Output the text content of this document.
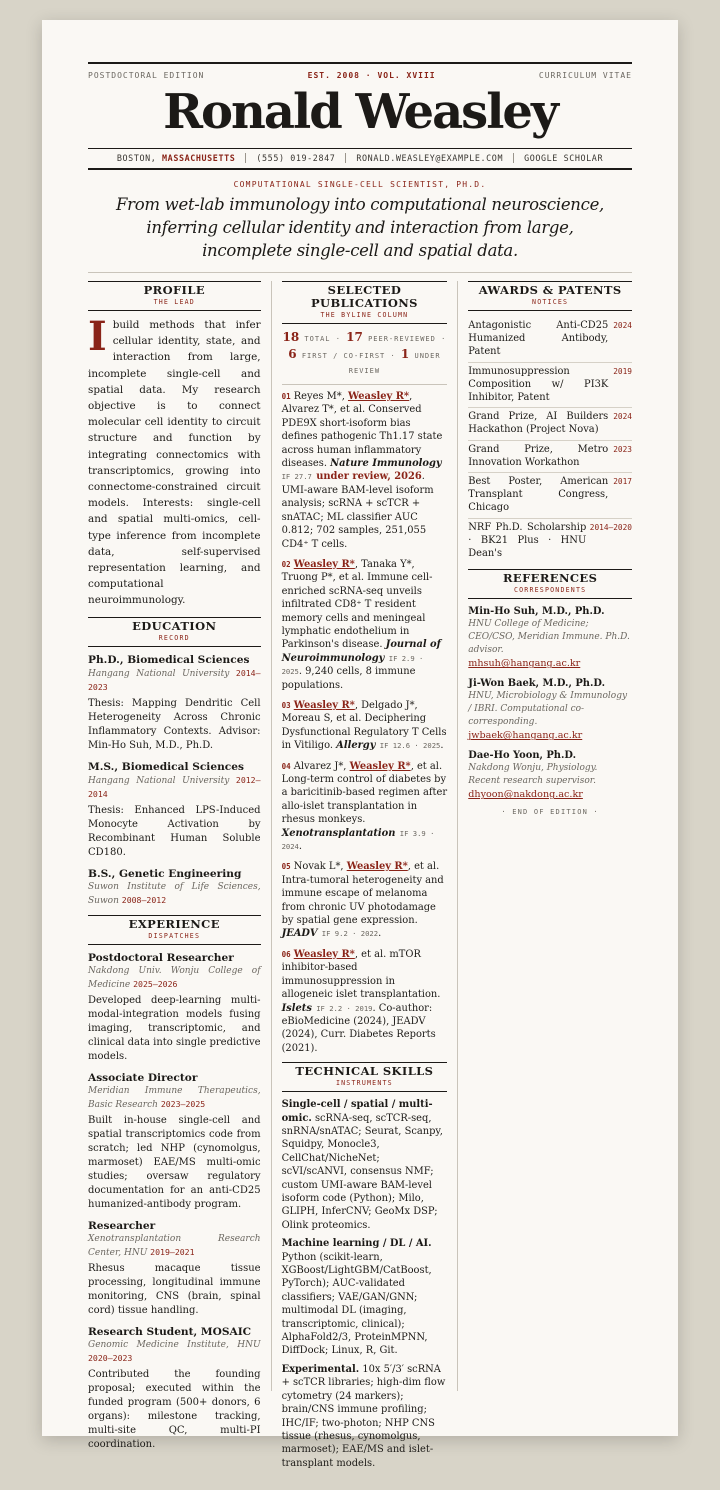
POSTDOCTORAL EDITION	EST. 2008 · VOL. XVIII	CURRICULUM VITAE
Ronald Weasley
BOSTON, MASSACHUSETTS	(555) 019-2847	RONALD.WEASLEY@EXAMPLE.COM	GOOGLE SCHOLAR
COMPUTATIONAL SINGLE-CELL SCIENTIST, PH.D.
From wet-lab immunology into computational neuroscience, inferring cellular identity and interaction from large, incomplete single-cell and spatial data.
PROFILE
THE LEAD
I build methods that infer cellular identity, state, and interaction from large, incomplete single-cell and spatial data. My research objective is to connect molecular cell identity to circuit structure and function by integrating connectomics with transcriptomics, growing into connectome-constrained circuit models. Interests: single-cell and spatial multi-omics, cell-type inference from incomplete data, self-supervised representation learning, and computational neuroimmunology.
EDUCATION
RECORD
Ph.D., Biomedical Sciences
Hangang National University 2014–2023

Thesis: Mapping Dendritic Cell Heterogeneity Across Chronic Inflammatory Contexts. Advisor: Min-Ho Suh, M.D., Ph.D.

M.S., Biomedical Sciences
Hangang National University 2012–2014

Thesis: Enhanced LPS-Induced Monocyte Activation by Recombinant Human Soluble CD180.

B.S., Genetic Engineering
Suwon Institute of Life Sciences, Suwon 2008–2012
EXPERIENCE
DISPATCHES
Postdoctoral Researcher
Nakdong Univ. Wonju College of Medicine 2025–2026

Developed deep-learning multi-modal-integration models fusing imaging, transcriptomic, and clinical data into single predictive models.

Associate Director
Meridian Immune Therapeutics, Basic Research 2023–2025

Built in-house single-cell and spatial transcriptomics code from scratch; led NHP (cynomolgus, marmoset) EAE/MS multi-omic studies; oversaw regulatory documentation for an anti-CD25 humanized-antibody program.

Researcher
Xenotransplantation Research Center, HNU 2019–2021

Rhesus macaque tissue processing, longitudinal immune monitoring, CNS (brain, spinal cord) tissue handling.

Research Student, MOSAIC
Genomic Medicine Institute, HNU 2020–2023

Contributed the founding proposal; executed within the funded program (500+ donors, 6 organs): milestone tracking, multi-site QC, multi-PI coordination.

SELECTED PUBLICATIONS
THE BYLINE COLUMN
18 TOTAL · 17 PEER-REVIEWED ·
6 FIRST / CO-FIRST · 1 UNDER REVIEW
01 Reyes M*, Weasley R*, Alvarez T*, et al. Conserved PDE9X short-isoform bias defines pathogenic Th1.17 state across human inflammatory diseases. Nature Immunology IF 27.7 under review, 2026. UMI-aware BAM-level isoform analysis; scRNA + scTCR + snATAC; ML classifier AUC 0.812; 702 samples, 251,055 CD4⁺ T cells.
02 Weasley R*, Tanaka Y*, Truong P*, et al. Immune cell-enriched scRNA-seq unveils infiltrated CD8⁺ T resident memory cells and meningeal lymphatic endothelium in Parkinson's disease. Journal of Neuroimmunology IF 2.9 · 2025. 9,240 cells, 8 immune populations.
03 Weasley R*, Delgado J*, Moreau S, et al. Deciphering Dysfunctional Regulatory T Cells in Vitiligo. Allergy IF 12.6 · 2025.
04 Alvarez J*, Weasley R*, et al. Long-term control of diabetes by a baricitinib-based regimen after allo-islet transplantation in rhesus monkeys. Xenotransplantation IF 3.9 · 2024.
05 Novak L*, Weasley R*, et al. Intra-tumoral heterogeneity and immune escape of melanoma from chronic UV photodamage by spatial gene expression. JEADV IF 9.2 · 2022.
06 Weasley R*, et al. mTOR inhibitor-based immunosuppression in allogeneic islet transplantation. Islets IF 2.2 · 2019. Co-author: eBioMedicine (2024), JEADV (2024), Curr. Diabetes Reports (2021).
TECHNICAL SKILLS
INSTRUMENTS
Single-cell / spatial / multi-omic. scRNA-seq, scTCR-seq, snRNA/snATAC; Seurat, Scanpy, Squidpy, Monocle3, CellChat/NicheNet; scVI/scANVI, consensus NMF; custom UMI-aware BAM-level isoform code (Python); Milo, GLIPH, InferCNV; GeoMx DSP; Olink proteomics.
Machine learning / DL / AI. Python (scikit-learn, XGBoost/LightGBM/CatBoost, PyTorch); AUC-validated classifiers; VAE/GAN/GNN; multimodal DL (imaging, transcriptomic, clinical); AlphaFold2/3, ProteinMPNN, DiffDock; Linux, R, Git.
Experimental. 10x 5′/3′ scRNA + scTCR libraries; high-dim flow cytometry (24 markers); brain/CNS immune profiling; IHC/IF; two-photon; NHP CNS tissue (rhesus, cynomolgus, marmoset); EAE/MS and islet-transplant models.
AWARDS & PATENTS
NOTICES
Antagonistic Anti-CD25 Humanized Antibody, Patent
2024
Immunosuppression Composition w/ PI3K Inhibitor, Patent
2019
Grand Prize, AI Builders Hackathon (Project Nova)
2024
Grand Prize, Metro Innovation Workathon
2023
Best Poster, American Transplant Congress, Chicago
2017
NRF Ph.D. Scholarship · BK21 Plus · HNU Dean's
2014–2020
REFERENCES
CORRESPONDENTS
Min-Ho Suh, M.D., Ph.D.
HNU College of Medicine; CEO/CSO, Meridian Immune. Ph.D. advisor.
mhsuh@hangang.ac.kr
Ji-Won Baek, M.D., Ph.D.
HNU, Microbiology & Immunology / IBRI. Computational co-corresponding.
jwbaek@hangang.ac.kr
Dae-Ho Yoon, Ph.D.
Nakdong Wonju, Physiology. Recent research supervisor.
dhyoon@nakdong.ac.kr
· END OF EDITION ·
